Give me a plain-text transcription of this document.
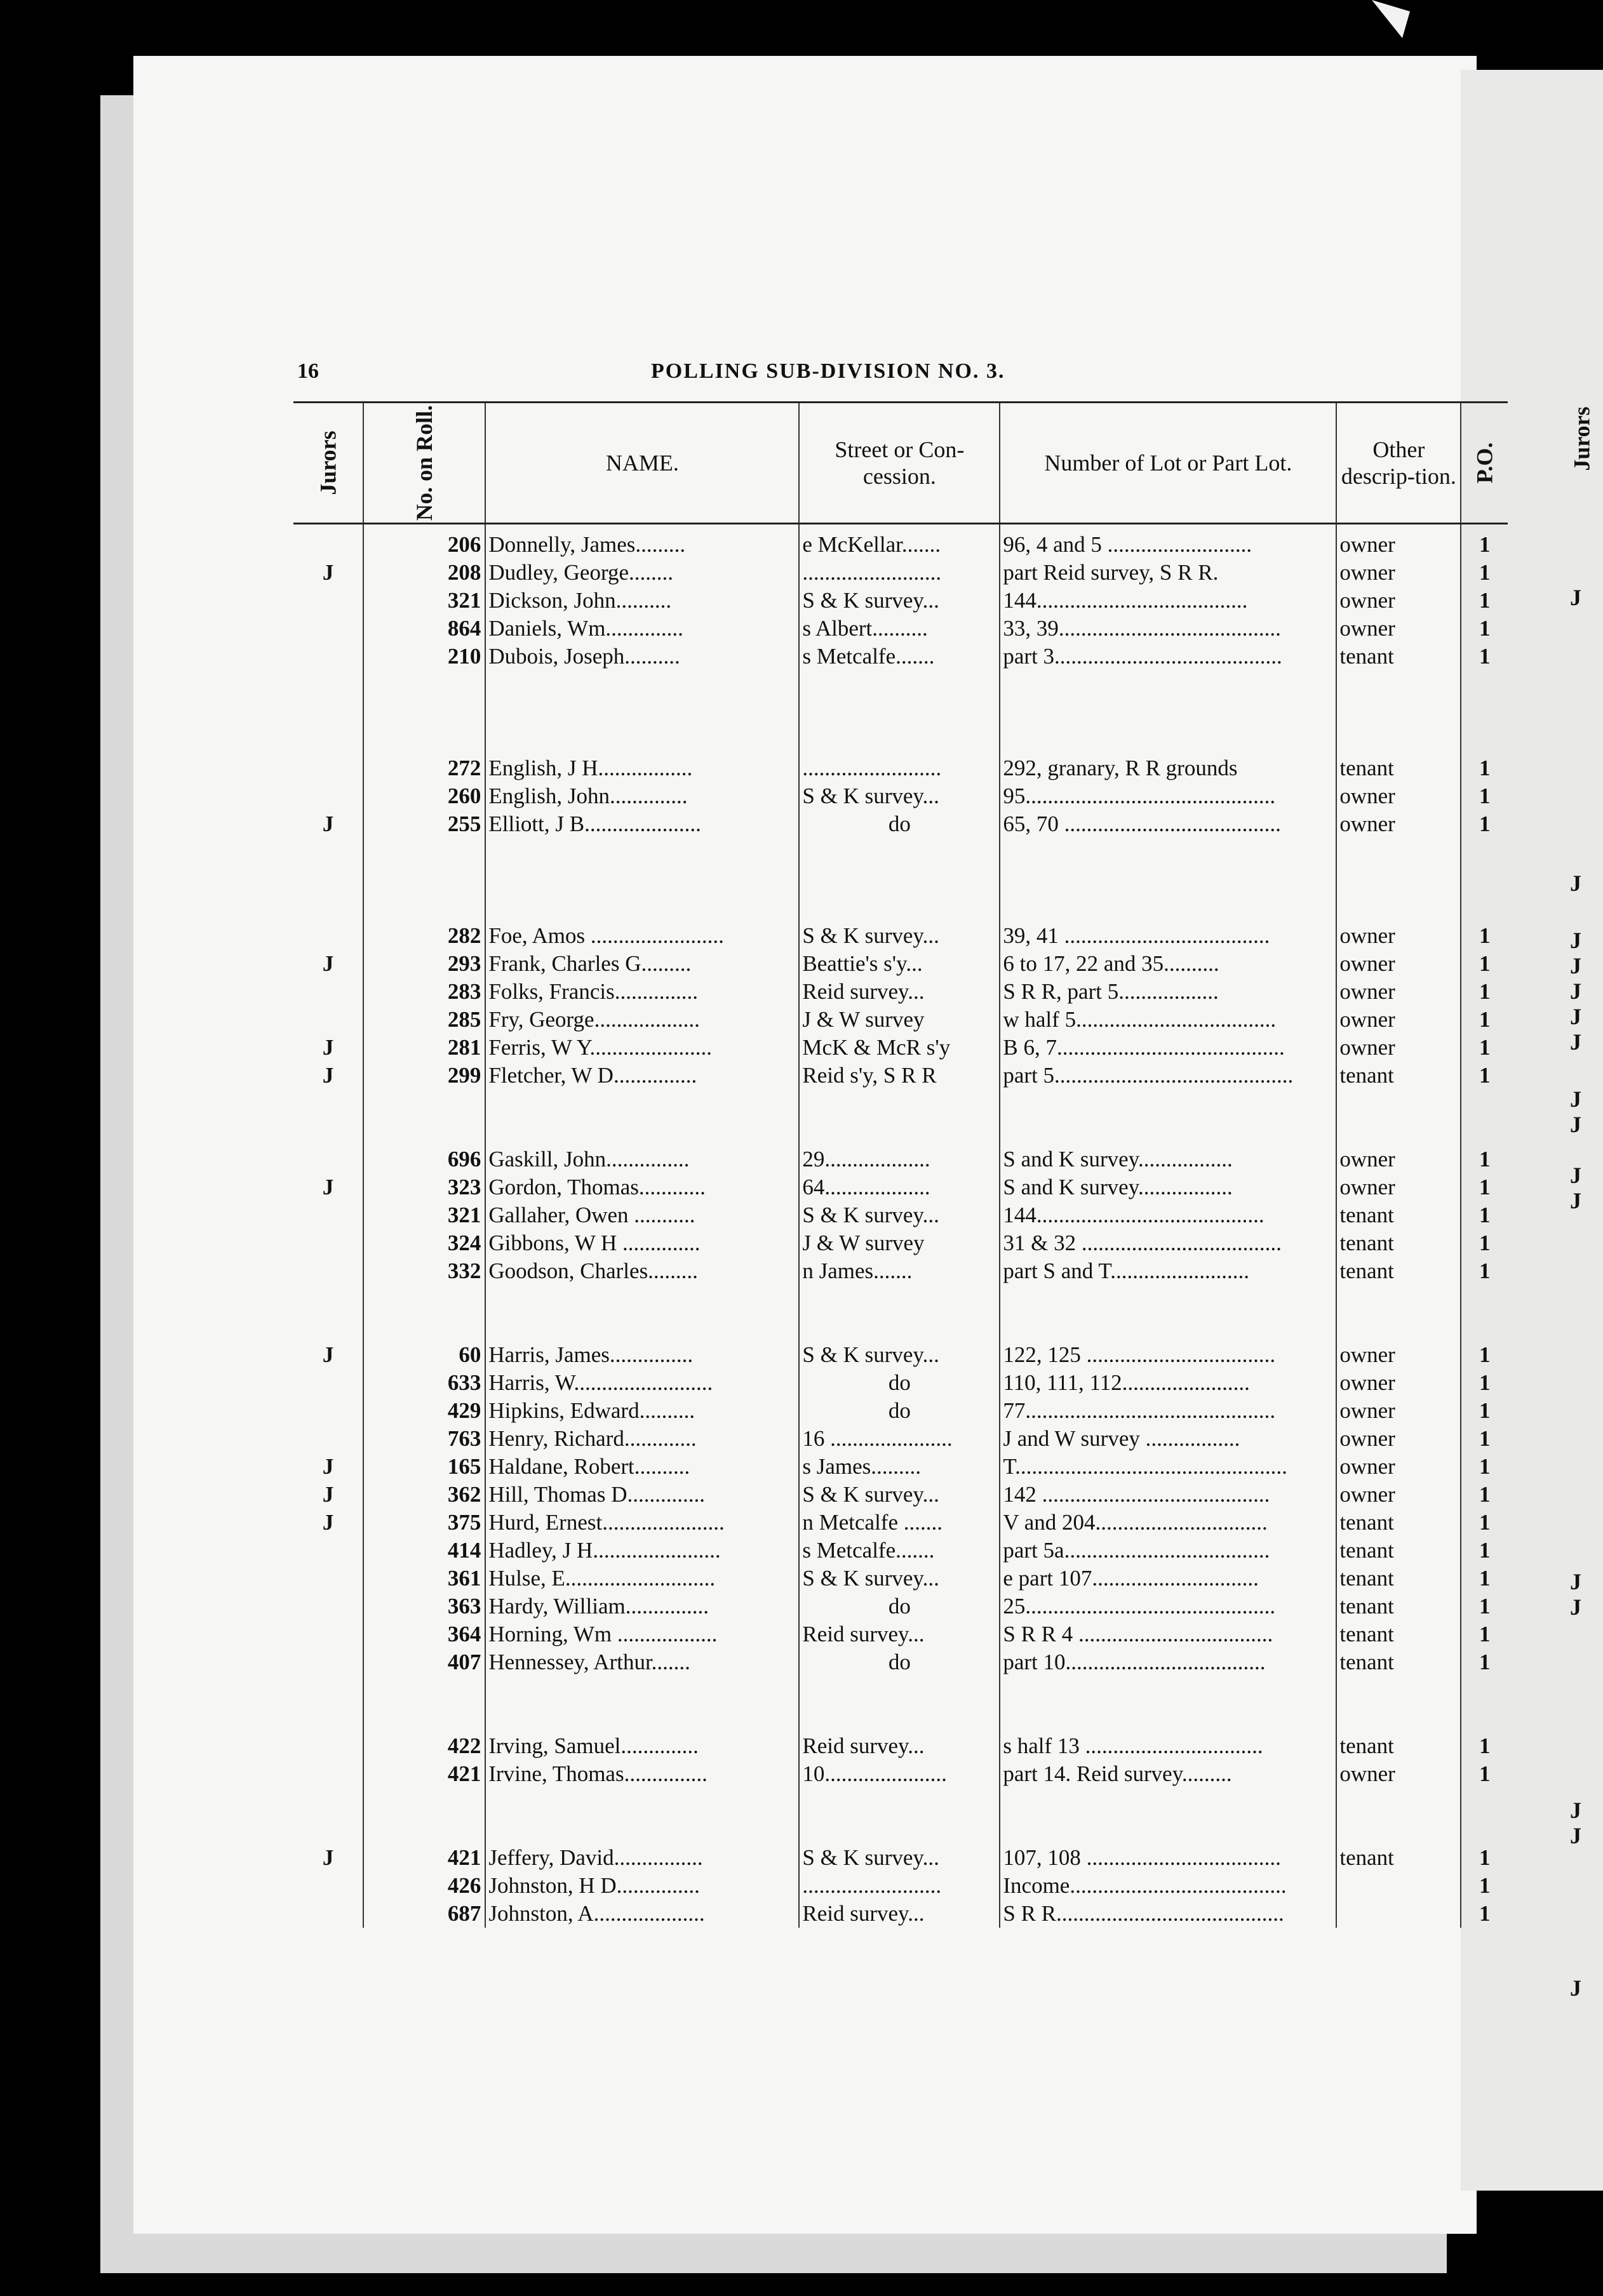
Jurors
16	POLLING SUB-DIVISION NO. 3.
Jurors	No. on Roll.	NAME.	Street or Con-cession.	Number of Lot or Part Lot.	Other descrip-tion.	P.O.
	206	Donnelly, James.........	e McKellar.......	96, 4 and 5 ..........................	owner	1
J	208	Dudley, George........	.........................	part Reid survey, S R R.	owner	1
	321	Dickson, John..........	S & K survey...	144......................................	owner	1
	864	Daniels, Wm..............	s Albert..........	33, 39........................................	owner	1
	210	Dubois, Joseph..........	s Metcalfe.......	part 3.........................................	tenant	1

	272	English, J H.................	.........................	292, granary, R R grounds	tenant	1
	260	English, John..............	S & K survey...	95.............................................	owner	1
J	255	Elliott, J B.....................	do	65, 70 .......................................	owner	1

	282	Foe, Amos ........................	S & K survey...	39, 41 .....................................	owner	1
J	293	Frank, Charles G.........	Beattie's s'y...	6 to 17, 22 and 35..........	owner	1
	283	Folks, Francis...............	Reid survey...	S R R, part 5..................	owner	1
	285	Fry, George...................	J & W survey	w half 5....................................	owner	1
J	281	Ferris, W Y......................	McK & McR s'y	B 6, 7.........................................	owner	1
J	299	Fletcher, W D...............	Reid s'y, S R R	part 5...........................................	tenant	1

	696	Gaskill, John...............	29...................	S and K survey.................	owner	1
J	323	Gordon, Thomas............	64...................	S and K survey.................	owner	1
	321	Gallaher, Owen ...........	S & K survey...	144.........................................	tenant	1
	324	Gibbons, W H ..............	J & W survey	31 & 32 ....................................	tenant	1
	332	Goodson, Charles.........	n James.......	part S and T.........................	tenant	1

J	60	Harris, James...............	S & K survey...	122, 125 ..................................	owner	1
	633	Harris, W.........................	do	110, 111, 112.......................	owner	1
	429	Hipkins, Edward..........	do	77.............................................	owner	1
	763	Henry, Richard.............	16 ......................	J and W survey .................	owner	1
J	165	Haldane, Robert..........	s James.........	T.................................................	owner	1
J	362	Hill, Thomas D..............	S & K survey...	142 .........................................	owner	1
J	375	Hurd, Ernest......................	n Metcalfe .......	V and 204...............................	tenant	1
	414	Hadley, J H.......................	s Metcalfe.......	part 5a.....................................	tenant	1
	361	Hulse, E...........................	S & K survey...	e part 107..............................	tenant	1
	363	Hardy, William...............	do	25.............................................	tenant	1
	364	Horning, Wm ..................	Reid survey...	S R R 4 ...................................	tenant	1
	407	Hennessey, Arthur.......	do	part 10....................................	tenant	1

	422	Irving, Samuel..............	Reid survey...	s half 13 ................................	tenant	1
	421	Irvine, Thomas...............	10......................	part 14. Reid survey.........	owner	1

J	421	Jeffery, David................	S & K survey...	107, 108 ...................................	tenant	1
	426	Johnston, H D...............	.........................	Income.......................................		1
	687	Johnston, A....................	Reid survey...	S R R.........................................		1
J
J
J
J
J
J
J
J
J
J
J
J
J
J
J
J
